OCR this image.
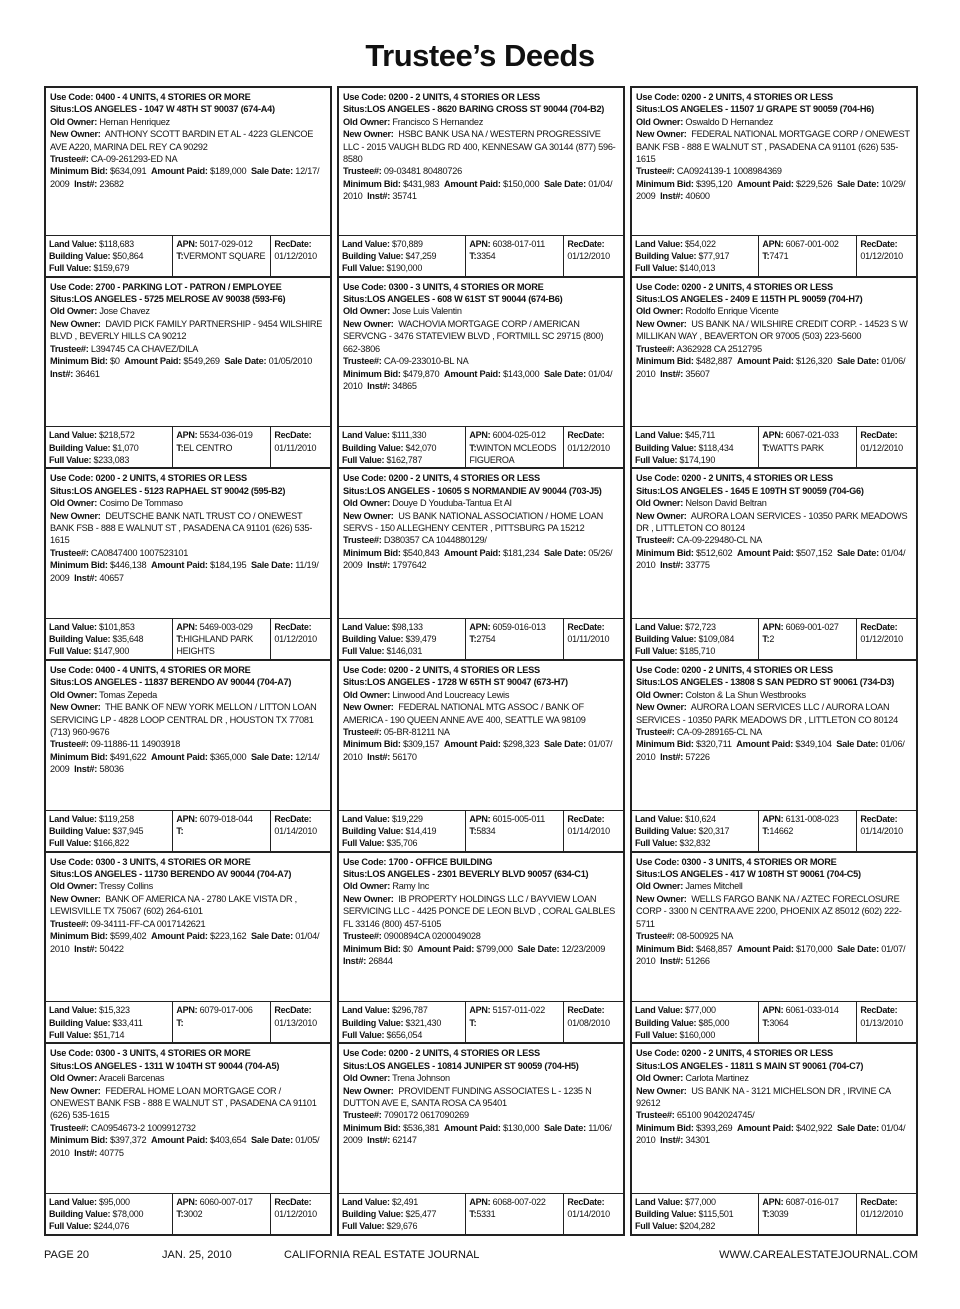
Trustee’s Deeds
Use Code: 0400 - 4 UNITS, 4 STORIES OR MORE
Situs:LOS ANGELES - 1047 W 48TH ST 90037 (674-A4)
Old Owner: Hernan Henriquez
New Owner: ANTHONY SCOTT BARDIN ET AL - 4223 GLENCOE AVE A220, MARINA DEL REY CA 90292
Trustee#: CA-09-261293-ED NA
Minimum Bid: $634,091 Amount Paid: $189,000 Sale Date: 12/17/ 2009 Inst#: 23682
Land Value: $118,683
Building Value: $50,864
Full Value: $159,679
APN: 5017-029-012
T:VERMONT SQUARE
RecDate:
01/12/2010
Use Code: 0200 - 2 UNITS, 4 STORIES OR LESS
Situs:LOS ANGELES - 8620 BARING CROSS ST 90044 (704-B2)
Old Owner: Francisco S Hernandez
New Owner: HSBC BANK USA NA / WESTERN PROGRESSIVE LLC - 2015 VAUGH BLDG RD 400, KENNESAW GA 30144 (877) 596-8580
Trustee#: 09-03481 80480726
Minimum Bid: $431,983 Amount Paid: $150,000 Sale Date: 01/04/ 2010 Inst#: 35741
Land Value: $70,889
Building Value: $47,259
Full Value: $190,000
APN: 6038-017-011
T:3354
RecDate:
01/12/2010
Use Code: 0200 - 2 UNITS, 4 STORIES OR LESS
Situs:LOS ANGELES - 11507 1/ GRAPE ST 90059 (704-H6)
Old Owner: Oswaldo D Hernandez
New Owner: FEDERAL NATIONAL MORTGAGE CORP / ONEWEST BANK FSB - 888 E WALNUT ST , PASADENA CA 91101 (626) 535-1615
Trustee#: CA0924139-1 1008984369
Minimum Bid: $395,120 Amount Paid: $229,526 Sale Date: 10/29/ 2009 Inst#: 40600
Land Value: $54,022
Building Value: $77,917
Full Value: $140,013
APN: 6067-001-002
T:7471
RecDate:
01/12/2010
Use Code: 2700 - PARKING LOT - PATRON / EMPLOYEE
Situs:LOS ANGELES - 5725 MELROSE AV 90038 (593-F6)
Old Owner: Jose Chavez
New Owner: DAVID PICK FAMILY PARTNERSHIP - 9454 WILSHIRE BLVD , BEVERLY HILLS CA 90212
Trustee#: L394745 CA CHAVEZ/DILA
Minimum Bid: $0 Amount Paid: $549,269 Sale Date: 01/05/2010  Inst#: 36461
Land Value: $218,572
Building Value: $1,070
Full Value: $233,083
APN: 5534-036-019
T:EL CENTRO
RecDate:
01/11/2010
Use Code: 0300 - 3 UNITS, 4 STORIES OR MORE
Situs:LOS ANGELES - 608 W 61ST ST 90044 (674-B6)
Old Owner: Jose Luis Valentin
New Owner: WACHOVIA MORTGAGE CORP / AMERICAN SERVCNG - 3476 STATEVIEW BLVD , FORTMILL SC 29715 (800) 662-3806
Trustee#: CA-09-233010-BL NA
Minimum Bid: $479,870 Amount Paid: $143,000 Sale Date: 01/04/ 2010 Inst#: 34865
Land Value: $111,330
Building Value: $42,070
Full Value: $162,787
APN: 6004-025-012
T:WINTON MCLEODS FIGUEROA
RecDate:
01/12/2010
Use Code: 0200 - 2 UNITS, 4 STORIES OR LESS
Situs:LOS ANGELES - 2409 E 115TH PL 90059 (704-H7)
Old Owner: Rodolfo Enrique Vicente
New Owner: US BANK NA / WILSHIRE CREDIT CORP. - 14523 S W MILLIKAN WAY , BEAVERTON OR 97005 (503) 223-5600
Trustee#: A362928 CA 2512795
Minimum Bid: $482,887 Amount Paid: $126,320 Sale Date: 01/06/ 2010 Inst#: 35607
Land Value: $45,711
Building Value: $118,434
Full Value: $174,190
APN: 6067-021-033
T:WATTS PARK
RecDate:
01/12/2010
Use Code: 0200 - 2 UNITS, 4 STORIES OR LESS
Situs:LOS ANGELES - 5123 RAPHAEL ST 90042 (595-B2)
Old Owner: Cosimo De Tommaso
New Owner: DEUTSCHE BANK NATL TRUST CO / ONEWEST BANK FSB - 888 E WALNUT ST , PASADENA CA 91101 (626) 535-1615
Trustee#: CA0847400 1007523101
Minimum Bid: $446,138 Amount Paid: $184,195 Sale Date: 11/19/ 2009 Inst#: 40657
Land Value: $101,853
Building Value: $35,648
Full Value: $147,900
APN: 5469-003-029
T:HIGHLAND PARK HEIGHTS
RecDate:
01/12/2010
Use Code: 0200 - 2 UNITS, 4 STORIES OR LESS
Situs:LOS ANGELES - 10605 S NORMANDIE AV 90044 (703-J5)
Old Owner: Douye D Youduba-Tantua Et Al
New Owner: US BANK NATIONAL ASSOCIATION / HOME LOAN SERVS - 150 ALLEGHENY CENTER , PITTSBURG PA 15212
Trustee#: D380357 CA 1044880129/
Minimum Bid: $540,843 Amount Paid: $181,234 Sale Date: 05/26/ 2009 Inst#: 1797642
Land Value: $98,133
Building Value: $39,479
Full Value: $146,031
APN: 6059-016-013
T:2754
RecDate:
01/11/2010
Use Code: 0200 - 2 UNITS, 4 STORIES OR LESS
Situs:LOS ANGELES - 1645 E 109TH ST 90059 (704-G6)
Old Owner: Nelson David Beltran
New Owner: AURORA LOAN SERVICES - 10350 PARK MEADOWS DR , LITTLETON CO 80124
Trustee#: CA-09-229480-CL NA
Minimum Bid: $512,602 Amount Paid: $507,152 Sale Date: 01/04/ 2010 Inst#: 33775
Land Value: $72,723
Building Value: $109,084
Full Value: $185,710
APN: 6069-001-027
T:2
RecDate:
01/12/2010
Use Code: 0400 - 4 UNITS, 4 STORIES OR MORE
Situs:LOS ANGELES - 11837 BERENDO AV 90044 (704-A7)
Old Owner: Tomas Zepeda
New Owner: THE BANK OF NEW YORK MELLON / LITTON LOAN SERVICING LP - 4828 LOOP CENTRAL DR , HOUSTON TX 77081 (713) 960-9676
Trustee#: 09-11886-11 14903918
Minimum Bid: $491,622 Amount Paid: $365,000 Sale Date: 12/14/ 2009 Inst#: 58036
Land Value: $119,258
Building Value: $37,945
Full Value: $166,822
APN: 6079-018-044
T:
RecDate:
01/14/2010
Use Code: 0200 - 2 UNITS, 4 STORIES OR LESS
Situs:LOS ANGELES - 1728 W 65TH ST 90047 (673-H7)
Old Owner: Linwood And Loucreacy Lewis
New Owner: FEDERAL NATIONAL MTG ASSOC / BANK OF AMERICA - 190 QUEEN ANNE AVE 400, SEATTLE WA 98109
Trustee#: 05-BR-81211 NA
Minimum Bid: $309,157 Amount Paid: $298,323 Sale Date: 01/07/ 2010 Inst#: 56170
Land Value: $19,229
Building Value: $14,419
Full Value: $35,706
APN: 6015-005-011
T:5834
RecDate:
01/14/2010
Use Code: 0200 - 2 UNITS, 4 STORIES OR LESS
Situs:LOS ANGELES - 13808 S SAN PEDRO ST 90061 (734-D3)
Old Owner: Colston & La Shun Westbrooks
New Owner: AURORA LOAN SERVICES LLC / AURORA LOAN SERVICES - 10350 PARK MEADOWS DR , LITTLETON CO 80124
Trustee#: CA-09-289165-CL NA
Minimum Bid: $320,711 Amount Paid: $349,104 Sale Date: 01/06/ 2010 Inst#: 57226
Land Value: $10,624
Building Value: $20,317
Full Value: $32,832
APN: 6131-008-023
T:14662
RecDate:
01/14/2010
Use Code: 0300 - 3 UNITS, 4 STORIES OR MORE
Situs:LOS ANGELES - 11730 BERENDO AV 90044 (704-A7)
Old Owner: Tressy Collins
New Owner: BANK OF AMERICA NA - 2780 LAKE VISTA DR , LEWISVILLE TX 75067 (602) 264-6101
Trustee#: 09-34111-FF-CA 0017142621
Minimum Bid: $599,402 Amount Paid: $223,162 Sale Date: 01/04/ 2010 Inst#: 50422
Land Value: $15,323
Building Value: $33,411
Full Value: $51,714
APN: 6079-017-006
T:
RecDate:
01/13/2010
Use Code: 1700 - OFFICE BUILDING
Situs:LOS ANGELES - 2301 BEVERLY BLVD 90057 (634-C1)
Old Owner: Ramy Inc
New Owner: IB PROPERTY HOLDINGS LLC / BAYVIEW LOAN SERVICING LLC - 4425 PONCE DE LEON BLVD , CORAL GALBLES FL 33146 (800) 457-5105
Trustee#: 0900894CA 0200049028
Minimum Bid: $0 Amount Paid: $799,000 Sale Date: 12/23/2009  Inst#: 26844
Land Value: $296,787
Building Value: $321,430
Full Value: $656,054
APN: 5157-011-022
T:
RecDate:
01/08/2010
Use Code: 0300 - 3 UNITS, 4 STORIES OR MORE
Situs:LOS ANGELES - 417 W 108TH ST 90061 (704-C5)
Old Owner: James Mitchell
New Owner: WELLS FARGO BANK NA / AZTEC FORECLOSURE CORP - 3300 N CENTRA AVE 2200, PHOENIX AZ 85012 (602) 222-5711
Trustee#: 08-500925 NA
Minimum Bid: $468,857 Amount Paid: $170,000 Sale Date: 01/07/ 2010 Inst#: 51266
Land Value: $77,000
Building Value: $85,000
Full Value: $160,000
APN: 6061-033-014
T:3064
RecDate:
01/13/2010
Use Code: 0300 - 3 UNITS, 4 STORIES OR MORE
Situs:LOS ANGELES - 1311 W 104TH ST 90044 (704-A5)
Old Owner: Araceli Barcenas
New Owner: FEDERAL HOME LOAN MORTGAGE COR / ONEWEST BANK FSB - 888 E WALNUT ST , PASADENA CA 91101 (626) 535-1615
Trustee#: CA0954673-2 1009912732
Minimum Bid: $397,372 Amount Paid: $403,654 Sale Date: 01/05/ 2010 Inst#: 40775
Land Value: $95,000
Building Value: $78,000
Full Value: $244,076
APN: 6060-007-017
T:3002
RecDate:
01/12/2010
Use Code: 0200 - 2 UNITS, 4 STORIES OR LESS
Situs:LOS ANGELES - 10814 JUNIPER ST 90059 (704-H5)
Old Owner: Trena Johnson
New Owner: PROVIDENT FUNDING ASSOCIATES L - 1235 N DUTTON AVE E, SANTA ROSA CA 95401
Trustee#: 7090172 0617090269
Minimum Bid: $536,381 Amount Paid: $130,000 Sale Date: 11/06/ 2009 Inst#: 62147
Land Value: $2,491
Building Value: $25,477
Full Value: $29,676
APN: 6068-007-022
T:5331
RecDate:
01/14/2010
Use Code: 0200 - 2 UNITS, 4 STORIES OR LESS
Situs:LOS ANGELES - 11811 S MAIN ST 90061 (704-C7)
Old Owner: Carlota Martinez
New Owner: US BANK NA - 3121 MICHELSON DR , IRVINE CA 92612
Trustee#: 65100 9042024745/
Minimum Bid: $393,269 Amount Paid: $402,922 Sale Date: 01/04/ 2010 Inst#: 34301
Land Value: $77,000
Building Value: $115,501
Full Value: $204,282
APN: 6087-016-017
T:3039
RecDate:
01/12/2010
PAGE 20	JAN. 25, 2010	CALIFORNIA REAL ESTATE JOURNAL	WWW.CAREALESTATEJOURNAL.COM
